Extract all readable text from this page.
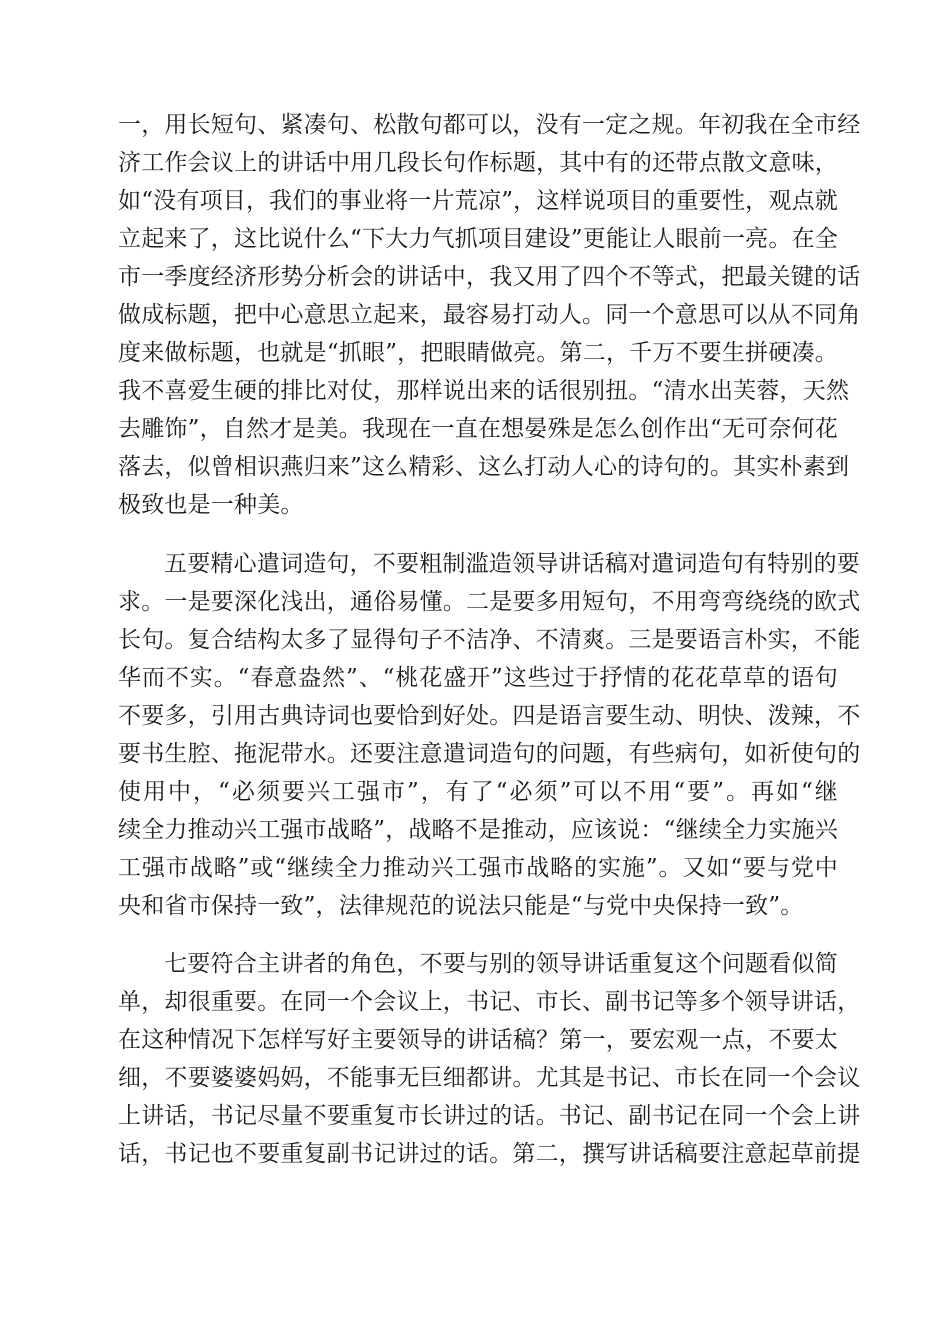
一，用长短句、紧凑句、松散句都可以，没有一定之规。年初我在全市经
济工作会议上的讲话中用几段长句作标题，其中有的还带点散文意味，
如“没有项目，我们的事业将一片荒凉”，这样说项目的重要性，观点就
立起来了，这比说什么“下大力气抓项目建设”更能让人眼前一亮。在全
市一季度经济形势分析会的讲话中，我又用了四个不等式，把最关键的话
做成标题，把中心意思立起来，最容易打动人。同一个意思可以从不同角
度来做标题，也就是“抓眼”，把眼睛做亮。第二，千万不要生拼硬凑。
我不喜爱生硬的排比对仗，那样说出来的话很别扭。“清水出芙蓉，天然
去雕饰”，自然才是美。我现在一直在想晏殊是怎么创作出“无可奈何花
落去，似曾相识燕归来”这么精彩、这么打动人心的诗句的。其实朴素到
极致也是一种美。
五要精心遣词造句，不要粗制滥造领导讲话稿对遣词造句有特别的要
求。一是要深化浅出，通俗易懂。二是要多用短句，不用弯弯绕绕的欧式
长句。复合结构太多了显得句子不洁净、不清爽。三是要语言朴实，不能
华而不实。“春意盎然”、“桃花盛开”这些过于抒情的花花草草的语句
不要多，引用古典诗词也要恰到好处。四是语言要生动、明快、泼辣，不
要书生腔、拖泥带水。还要注意遣词造句的问题，有些病句，如祈使句的
使用中，“必须要兴工强市”，有了“必须”可以不用“要”。再如“继
续全力推动兴工强市战略”，战略不是推动，应该说：“继续全力实施兴
工强市战略”或“继续全力推动兴工强市战略的实施”。又如“要与党中
央和省市保持一致”，法律规范的说法只能是“与党中央保持一致”。
七要符合主讲者的角色，不要与别的领导讲话重复这个问题看似简
单，却很重要。在同一个会议上，书记、市长、副书记等多个领导讲话，
在这种情况下怎样写好主要领导的讲话稿？第一，要宏观一点，不要太
细，不要婆婆妈妈，不能事无巨细都讲。尤其是书记、市长在同一个会议
上讲话，书记尽量不要重复市长讲过的话。书记、副书记在同一个会上讲
话，书记也不要重复副书记讲过的话。第二，撰写讲话稿要注意起草前提
